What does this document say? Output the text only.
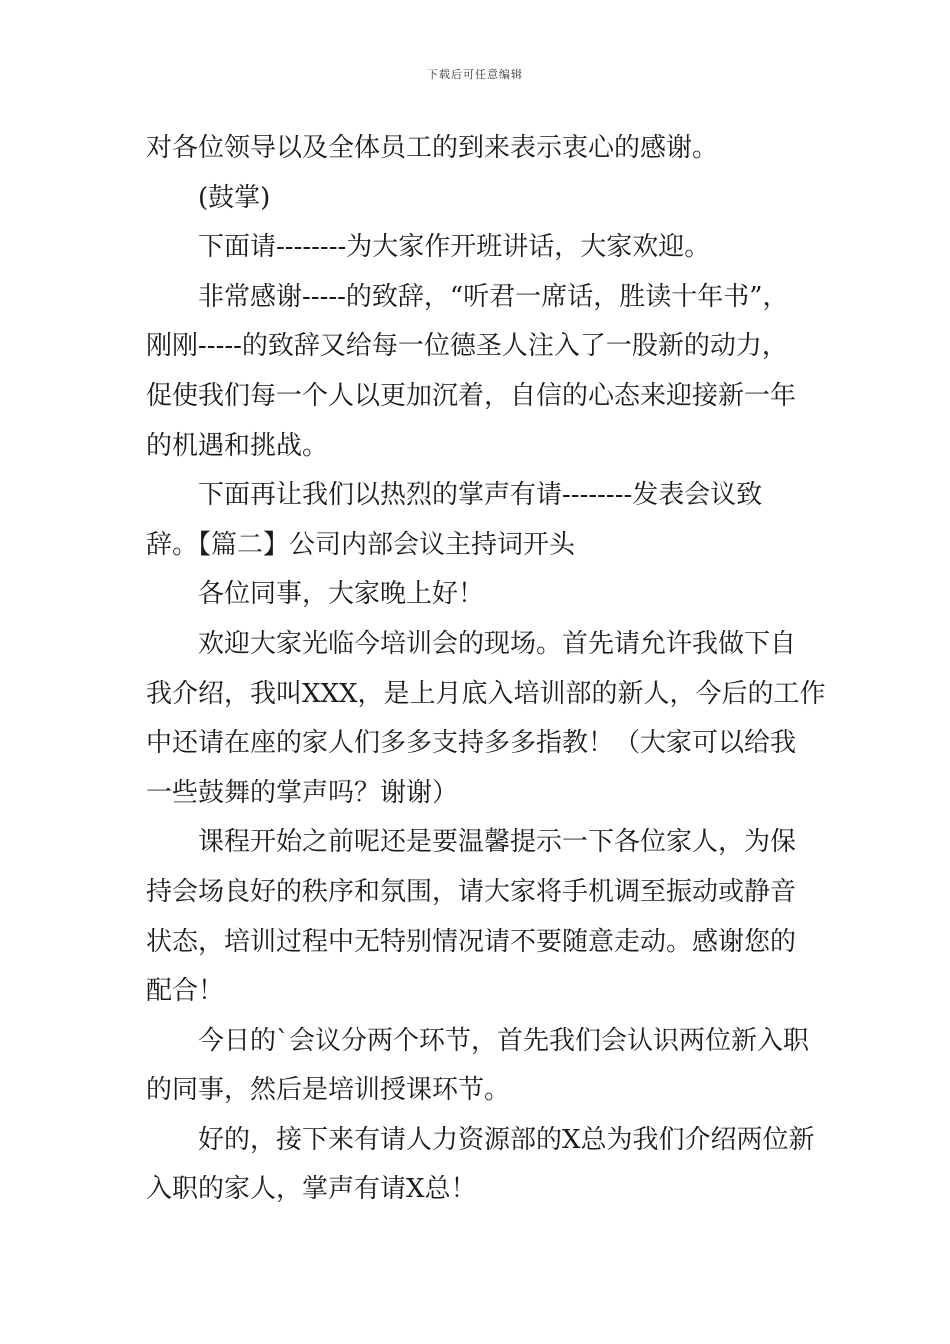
下载后可任意编辑
对各位领导以及全体员工的到来表示衷心的感谢。
(鼓掌)
下面请--------为大家作开班讲话，大家欢迎。
非常感谢-----的致辞，“听君一席话，胜读十年书”，
刚刚-----的致辞又给每一位德圣人注入了一股新的动力，
促使我们每一个人以更加沉着，自信的心态来迎接新一年
的机遇和挑战。
下面再让我们以热烈的掌声有请--------发表会议致
辞。【篇二】公司内部会议主持词开头
各位同事，大家晚上好！
欢迎大家光临今培训会的现场。首先请允许我做下自
我介绍，我叫XXX，是上月底入培训部的新人，今后的工作
中还请在座的家人们多多支持多多指教！（大家可以给我
一些鼓舞的掌声吗？谢谢）
课程开始之前呢还是要温馨提示一下各位家人，为保
持会场良好的秩序和氛围，请大家将手机调至振动或静音
状态，培训过程中无特别情况请不要随意走动。感谢您的
配合！
今日的`会议分两个环节，首先我们会认识两位新入职
的同事，然后是培训授课环节。
好的，接下来有请人力资源部的X总为我们介绍两位新
入职的家人，掌声有请X总！
